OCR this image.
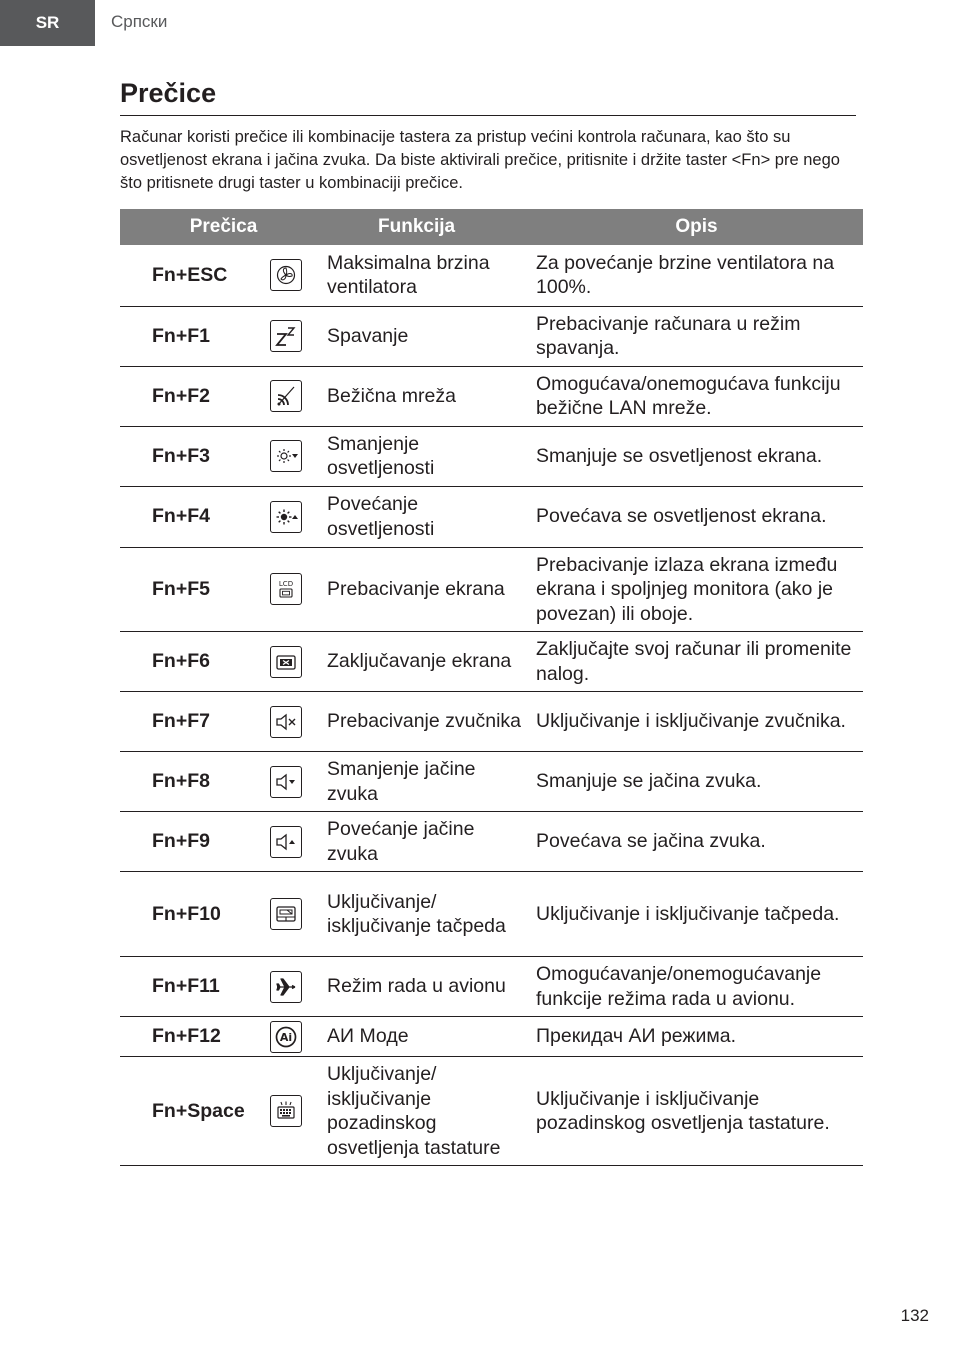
SR	Српски
Prečice

Računar koristi prečice ili kombinacije tastera za pristup većini kontrola računara, kao što su osvetljenost ekrana i jačina zvuka. Da biste aktivirali prečice, pritisnite i držite taster <Fn> pre nego što pritisnete drugi taster u kombinaciji prečice.

Prečica		Funkcija	Opis
Fn+ESC		Maksimalna brzina ventilatora	Za povećanje brzine ventilatora na 100%.
Fn+F1		Spavanje	Prebacivanje računara u režim spavanja.
Fn+F2		Bežična mreža	Omogućava/onemogućava funkciju bežične LAN mreže.
Fn+F3		Smanjenje osvetljenosti	Smanjuje se osvetljenost ekrana.
Fn+F4		Povećanje osvetljenosti	Povećava se osvetljenost ekrana.
Fn+F5	LCD	Prebacivanje ekrana	Prebacivanje izlaza ekrana između ekrana i spoljnjeg monitora (ako je povezan) ili oboje.
Fn+F6		Zaključavanje ekrana	Zaključajte svoj računar ili promenite nalog.
Fn+F7		Prebacivanje zvučnika	Uključivanje i isključivanje zvučnika.
Fn+F8		Smanjenje jačine zvuka	Smanjuje se jačina zvuka.
Fn+F9		Povećanje jačine zvuka	Povećava se jačina zvuka.
Fn+F10		Uključivanje/ isključivanje tačpeda	Uključivanje i isključivanje tačpeda.
Fn+F11		Režim rada u avionu	Omogućavanje/onemogućavanje funkcije režima rada u avionu.
Fn+F12	Ai	АИ Моде	Прекидач АИ режима.
Fn+Space		Uključivanje/ isključivanje pozadinskog osvetljenja tastature	Uključivanje i isključivanje pozadinskog osvetljenja tastature.
132
